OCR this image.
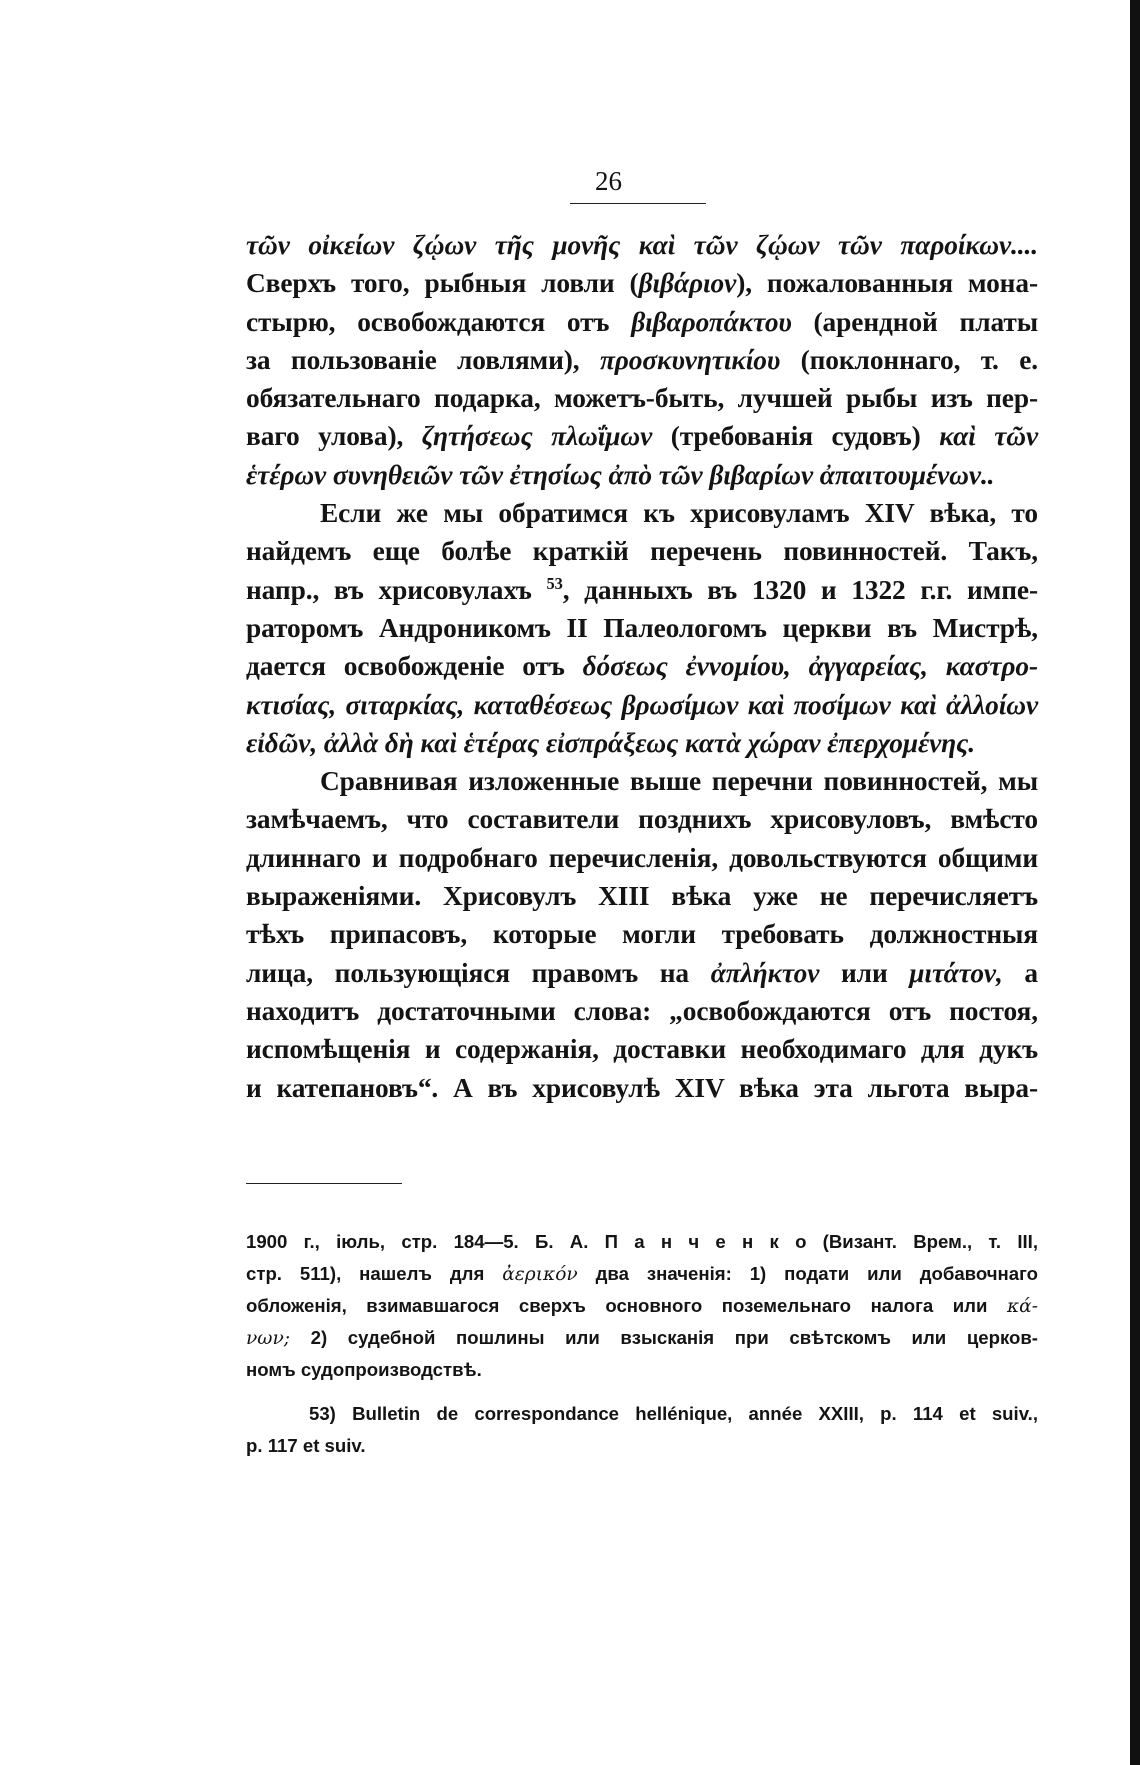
26
τῶν οἰκείων ζῴων τῆς μονῆς καὶ τῶν ζῴων τῶν παροίκων....
Сверхъ того, рыбныя ловли (βιβάριον), пожалованныя мона-
стырю, освобождаются отъ βιβαροπάκτου (арендной платы
за пользованіе ловлями), προσκυνητικίου (поклоннаго, т. е.
обязательнаго подарка, можетъ-быть, лучшей рыбы изъ пер-
ваго улова), ζητήσεως πλωΐμων (требованія судовъ) καὶ τῶν
ἑτέρων συνηθειῶν τῶν ἐτησίως ἀπὸ τῶν βιβαρίων ἀπαιτουμένων..
Если же мы обратимся къ хрисовуламъ XIV вѣка, то
найдемъ еще болѣе краткій перечень повинностей. Такъ,
напр., въ хрисовулахъ $^{53}$, данныхъ въ 1320 и 1322 г.г. импе-
раторомъ Андроникомъ II Палеологомъ церкви въ Мистрѣ,
дается освобожденіе отъ δόσεως ἐννομίου, ἀγγαρείας, καστρο-
κτισίας, σιταρκίας, καταθέσεως βρωσίμων καὶ ποσίμων καὶ ἀλλοίων
εἰδῶν, ἀλλὰ δὴ καὶ ἑτέρας εἰσπράξεως κατὰ χώραν ἐπερχομένης.
Сравнивая изложенные выше перечни повинностей, мы
замѣчаемъ, что составители позднихъ хрисовуловъ, вмѣсто
длиннаго и подробнаго перечисленія, довольствуются общими
выраженіями. Хрисовулъ XIII вѣка уже не перечисляетъ
тѣхъ припасовъ, которые могли требовать должностныя
лица, пользующіяся правомъ на ἀπλήκτον или μιτάτον, а
находитъ достаточными слова: „освобождаются отъ постоя,
испомѣщенія и содержанія, доставки необходимаго для дукъ
и катепановъ“. А въ хрисовулѣ XIV вѣка эта льгота выра-
1900 г., іюль, стр. 184—5. Б. А. П а н ч е н к о (Визант. Врем., т. III,
стр. 511), нашелъ для ἀερικόν два значенія: 1) подати или добавочнаго
обложенія, взимавшагося сверхъ основного поземельнаго налога или κά-
νων; 2) судебной пошлины или взысканія при свѣтскомъ или церков-
номъ судопроизводствѣ.
53) Bulletin de correspondance hellénique, année XXIII, p. 114 et suiv.,
p. 117 et suiv.
